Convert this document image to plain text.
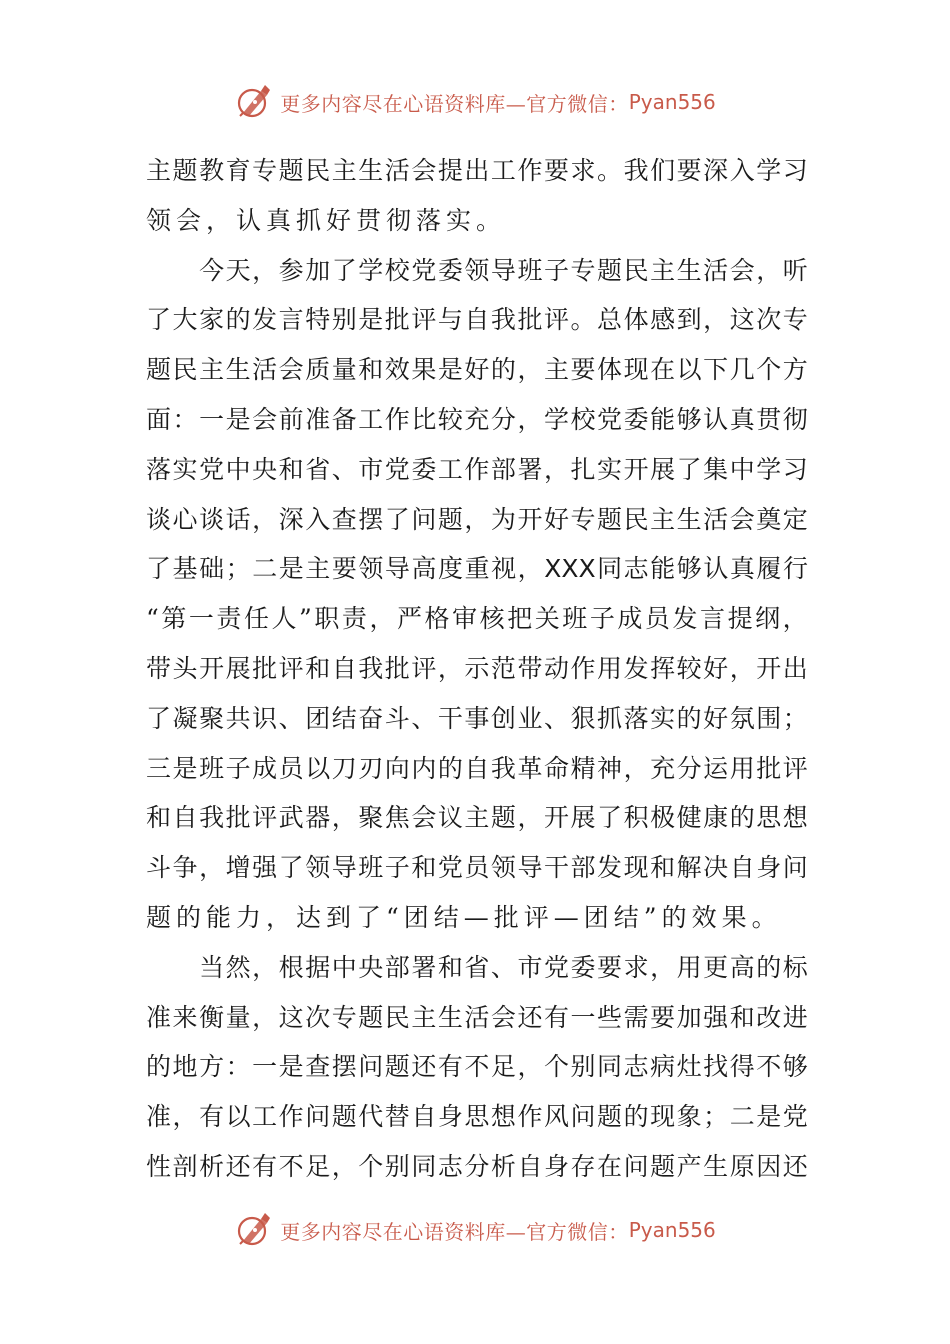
更多内容尽在心语资料库—官方微信： Pyan556
主 题 教 育 专 题 民 主 生 活 会 提 出 工 作 要 求 。 我 们 要 深 入 学 习
领会，认真抓好贯彻落实。

今 天 ， 参 加 了 学 校 党 委 领 导 班 子 专 题 民 主 生 活 会 ， 听
了 大 家 的 发 言 特 别 是 批 评 与 自 我 批 评 。 总 体 感 到 ， 这 次 专
题 民 主 生 活 会 质 量 和 效 果 是 好 的 ， 主 要 体 现 在 以 下 几 个 方
面 ： 一 是 会 前 准 备 工 作 比 较 充 分 ， 学 校 党 委 能 够 认 真 贯 彻
落 实 党 中 央 和 省 、 市 党 委 工 作 部 署 ， 扎 实 开 展 了 集 中 学 习
谈 心 谈 话 ， 深 入 查 摆 了 问 题 ， 为 开 好 专 题 民 主 生 活 会 奠 定
了 基 础 ； 二 是 主 要 领 导 高 度 重 视 ， XXX 同 志 能 够 认 真 履 行
“ 第 一 责 任 人 ” 职 责 ， 严 格 审 核 把 关 班 子 成 员 发 言 提 纲 ，
带 头 开 展 批 评 和 自 我 批 评 ， 示 范 带 动 作 用 发 挥 较 好 ， 开 出
了 凝 聚 共 识 、 团 结 奋 斗 、 干 事 创 业 、 狠 抓 落 实 的 好 氛 围 ；
三 是 班 子 成 员 以 刀 刃 向 内 的 自 我 革 命 精 神 ， 充 分 运 用 批 评
和 自 我 批 评 武 器 ， 聚 焦 会 议 主 题 ， 开 展 了 积 极 健 康 的 思 想
斗 争 ， 增 强 了 领 导 班 子 和 党 员 领 导 干 部 发 现 和 解 决 自 身 问
题的能力，达到了“团结—批评—团结”的效果。

当 然 ， 根 据 中 央 部 署 和 省 、 市 党 委 要 求 ， 用 更 高 的 标
准 来 衡 量 ， 这 次 专 题 民 主 生 活 会 还 有 一 些 需 要 加 强 和 改 进
的 地 方 ： 一 是 查 摆 问 题 还 有 不 足 ， 个 别 同 志 病 灶 找 得 不 够
准 ， 有 以 工 作 问 题 代 替 自 身 思 想 作 风 问 题 的 现 象 ； 二 是 党
性 剖 析 还 有 不 足 ， 个 别 同 志 分 析 自 身 存 在 问 题 产 生 原 因 还
更多内容尽在心语资料库—官方微信： Pyan556
